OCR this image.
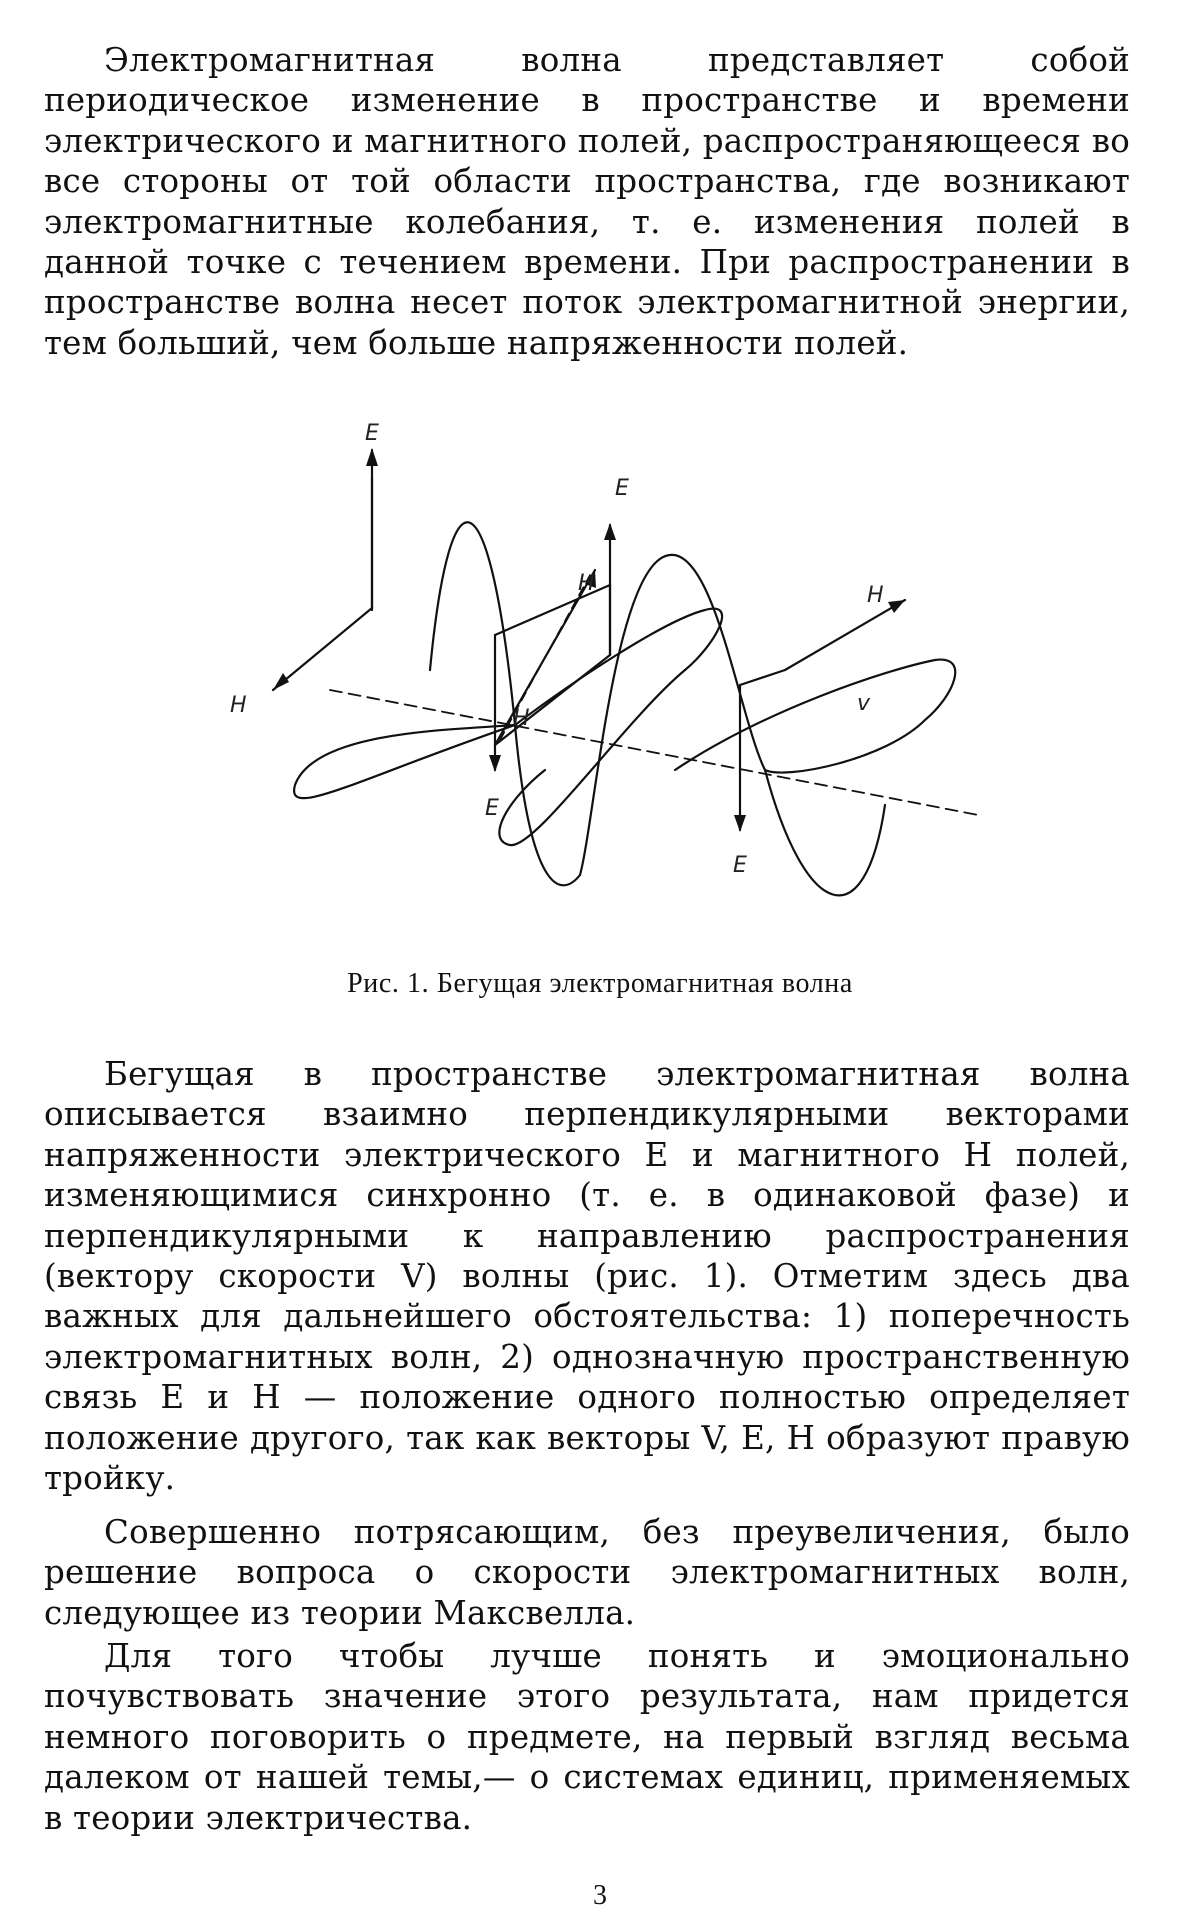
Электромагнитная волна представляет собой периодическое изменение в пространстве и времени электрического и магнитного полей, распространяющееся во все стороны от той области пространства, где возникают электромагнитные колебания, т. е. изменения полей в данной точке с течением времени. При распространении в пространстве волна несет поток электромагнитной энергии, тем больший, чем больше напряженности полей.

E
E
E
E
H
H
H
H
v
Рис. 1. Бегущая электромагнитная волна

Бегущая в пространстве электромагнитная волна описывается взаимно перпендикулярными векторами напряженности электрического E и магнитного H полей, изменяющимися синхронно (т. е. в одинаковой фазе) и перпендикулярными к направлению распространения (вектору скорости V) волны (рис. 1). Отметим здесь два важных для дальнейшего обстоятельства: 1) поперечность электромагнитных волн, 2) однозначную пространственную связь E и H — положение одного полностью определяет положение другого, так как векторы V, E, H образуют правую тройку.

Совершенно потрясающим, без преувеличения, было решение вопроса о скорости электромагнитных волн, следующее из теории Максвелла.

Для того чтобы лучше понять и эмоционально почувствовать значение этого результата, нам придется немного поговорить о предмете, на первый взгляд весьма далеком от нашей темы,— о системах единиц, применяемых в теории электричества.

3
